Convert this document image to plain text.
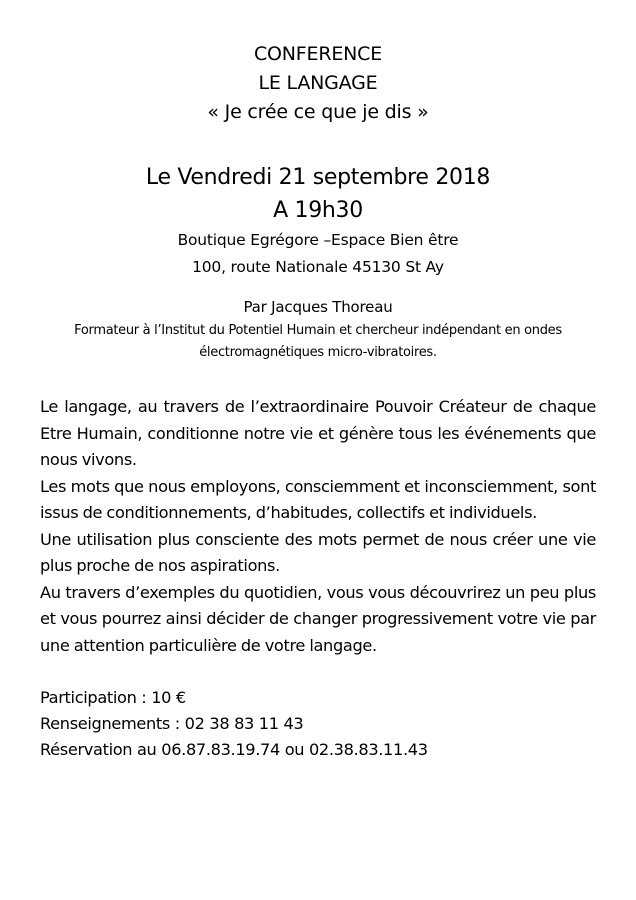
CONFERENCE
LE LANGAGE
« Je crée ce que je dis »
Le Vendredi 21 septembre 2018
A 19h30
Boutique Egrégore –Espace Bien être
100, route Nationale 45130 St Ay
Par Jacques Thoreau
Formateur à l’Institut du Potentiel Humain et chercheur indépendant en ondes électromagnétiques micro-vibratoires.

Le langage, au travers de l’extraordinaire Pouvoir Créateur de chaque Etre Humain, conditionne notre vie et génère tous les événements que nous vivons.

Les mots que nous employons, consciemment et inconsciemment, sont issus de conditionnements, d’habitudes, collectifs et individuels.

Une utilisation plus consciente des mots permet de nous créer une vie plus proche de nos aspirations.

Au travers d’exemples du quotidien, vous vous découvrirez un peu plus et vous pourrez ainsi décider de changer progressivement votre vie par une attention particulière de votre langage.

Participation : 10 €
Renseignements : 02 38 83 11 43
Réservation au 06.87.83.19.74 ou 02.38.83.11.43
